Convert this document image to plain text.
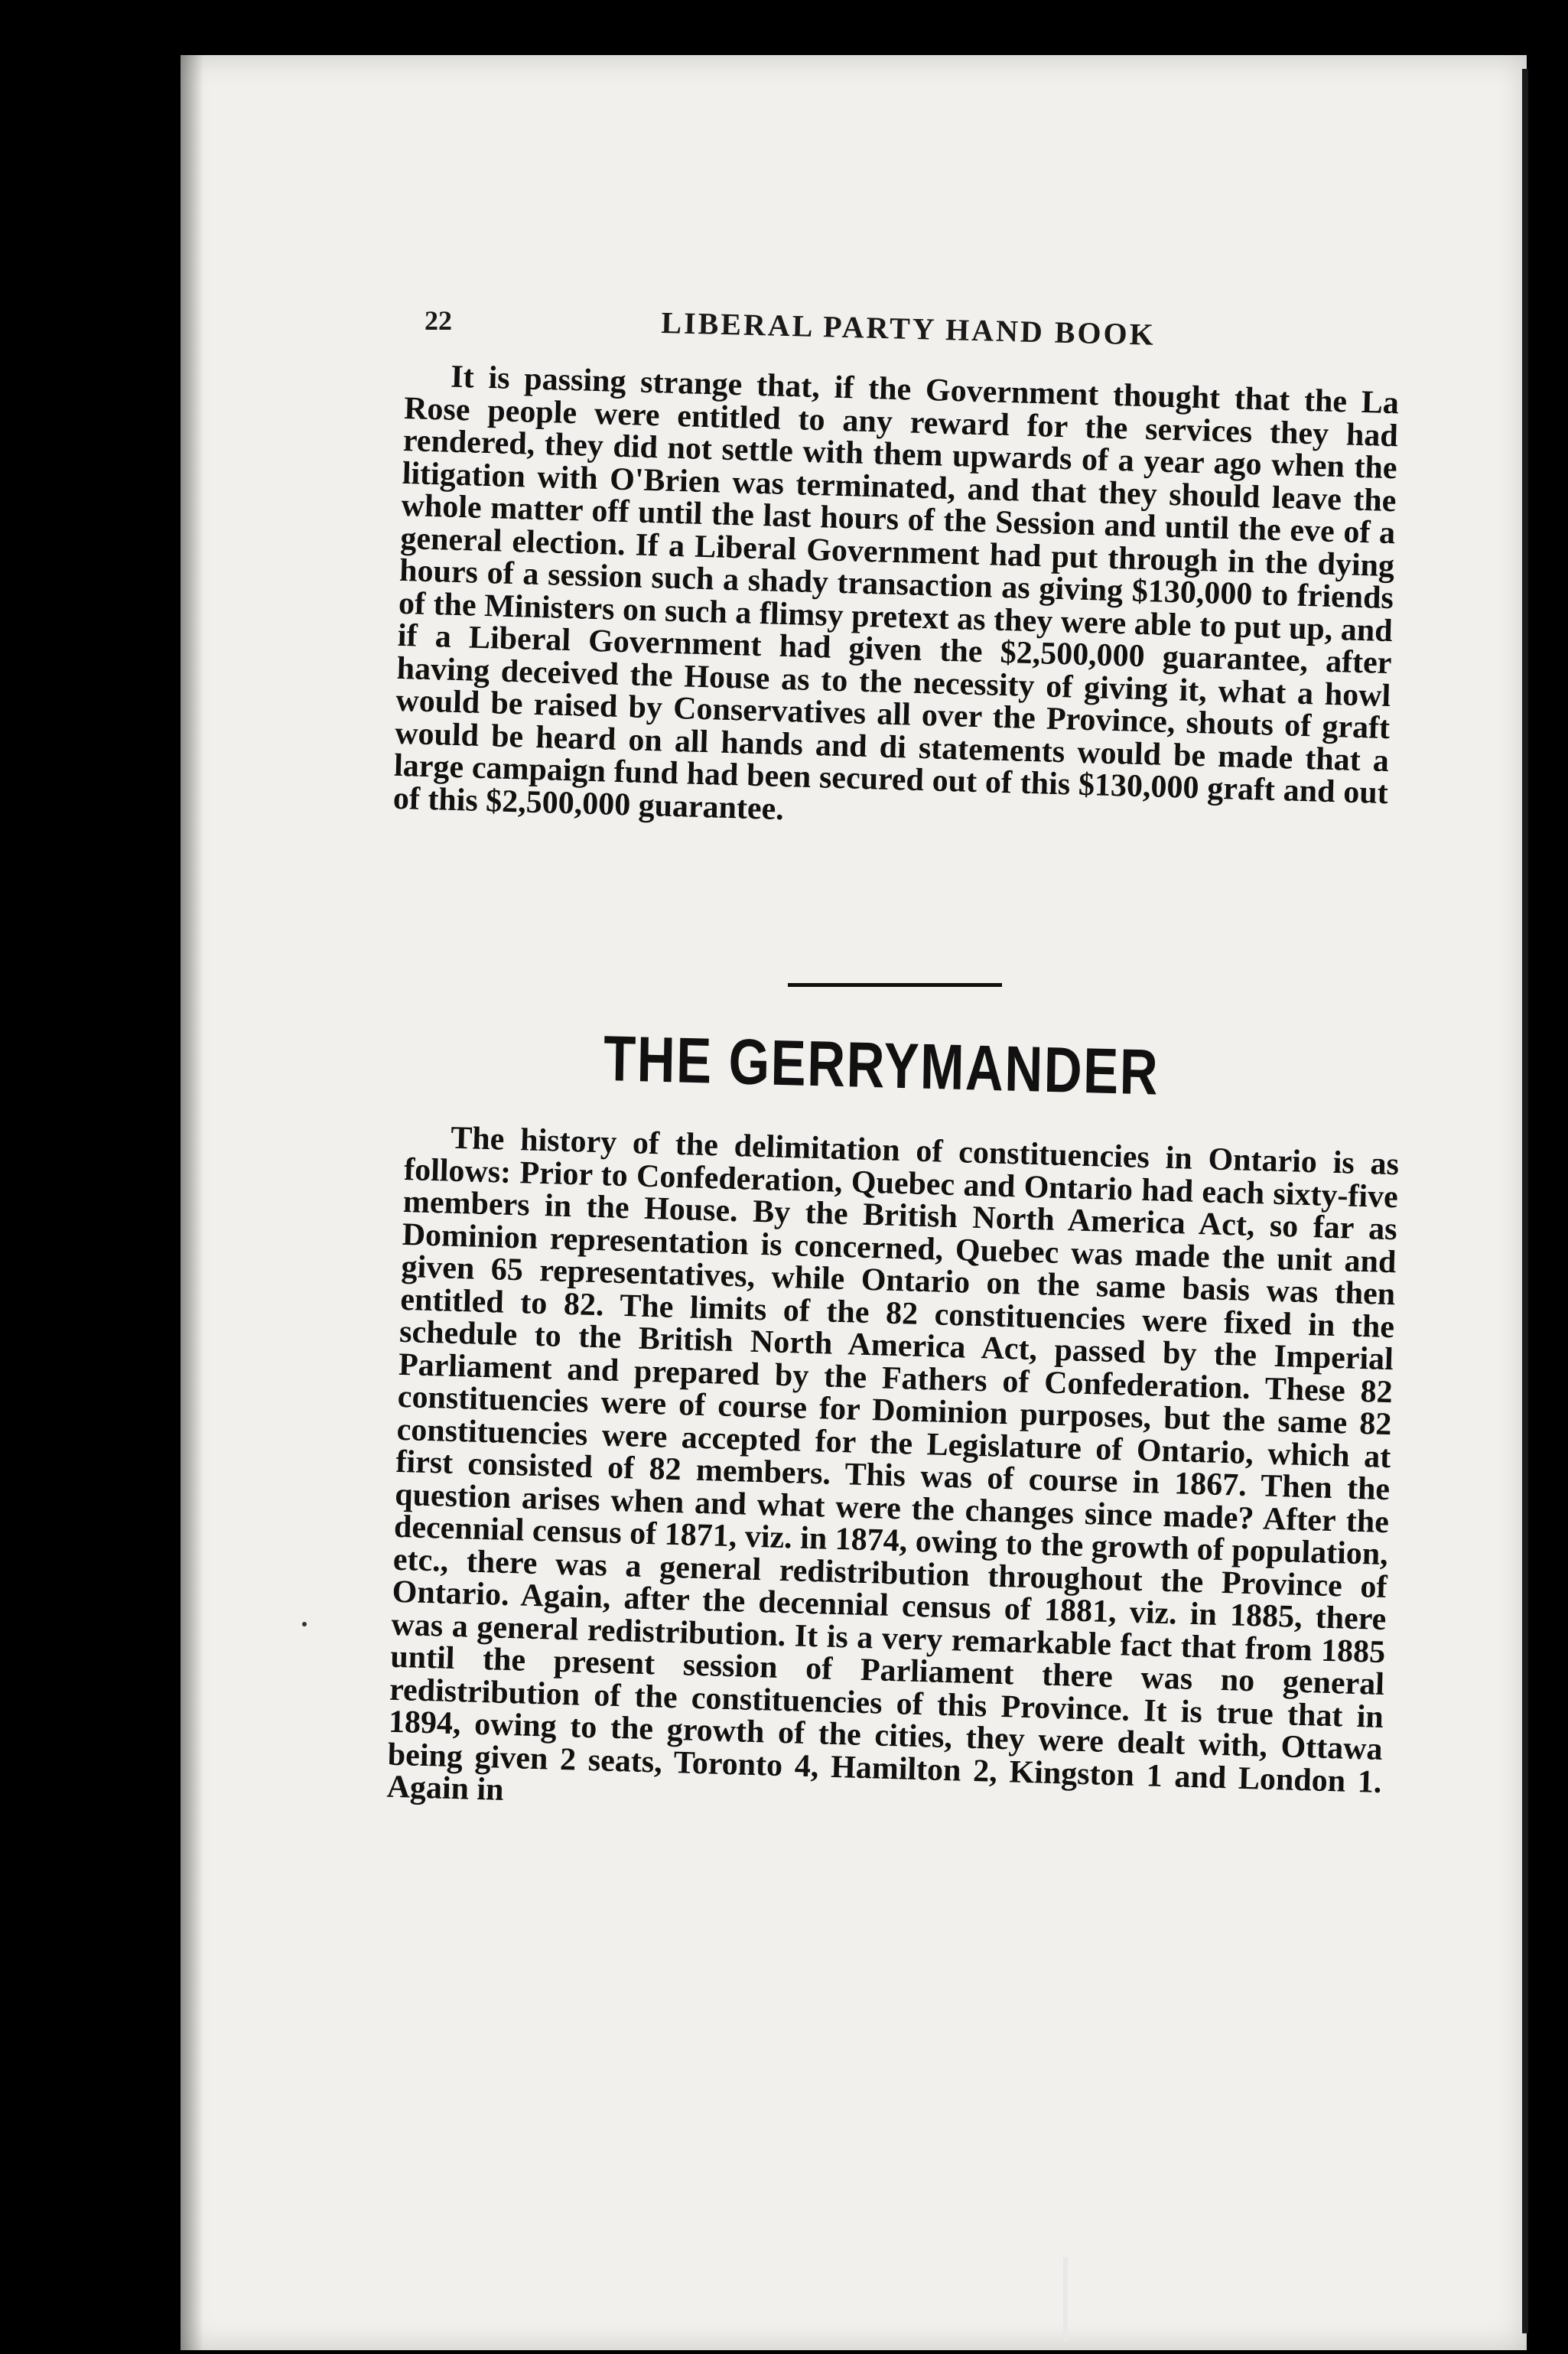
22	LIBERAL PARTY HAND BOOK

It is passing strange that, if the Government thought that the La Rose people were entitled to any reward for the services they had rendered, they did not settle with them upwards of a year ago when the litigation with O'Brien was terminated, and that they should leave the whole matter off until the last hours of the Session and until the eve of a general election. If a Liberal Government had put through in the dying hours of a session such a shady transaction as giving $130,000 to friends of the Ministers on such a flimsy pretext as they were able to put up, and if a Liberal Government had given the $2,500,000 guarantee, after having deceived the House as to the necessity of giving it, what a howl would be raised by Conservatives all over the Province, shouts of graft would be heard on all hands and di statements would be made that a large campaign fund had been secured out of this $130,000 graft and out of this $2,500,000 guarantee.

THE GERRYMANDER

The history of the delimitation of constituencies in Ontario is as follows: Prior to Confederation, Quebec and Ontario had each sixty-five members in the House. By the British North America Act, so far as Dominion representation is concerned, Quebec was made the unit and given 65 representatives, while Ontario on the same basis was then entitled to 82. The limits of the 82 constituencies were fixed in the schedule to the British North America Act, passed by the Imperial Parliament and prepared by the Fathers of Confederation. These 82 constituencies were of course for Dominion purposes, but the same 82 constituencies were accepted for the Legislature of Ontario, which at first consisted of 82 members. This was of course in 1867. Then the question arises when and what were the changes since made? After the decennial census of 1871, viz. in 1874, owing to the growth of population, etc., there was a general redistribution throughout the Province of Ontario. Again, after the decennial census of 1881, viz. in 1885, there was a general redistribution. It is a very remarkable fact that from 1885 until the present session of Parliament there was no general redistribution of the constituencies of this Province. It is true that in 1894, owing to the growth of the cities, they were dealt with, Ottawa being given 2 seats, Toronto 4, Hamilton 2, Kingston 1 and London 1. Again in
